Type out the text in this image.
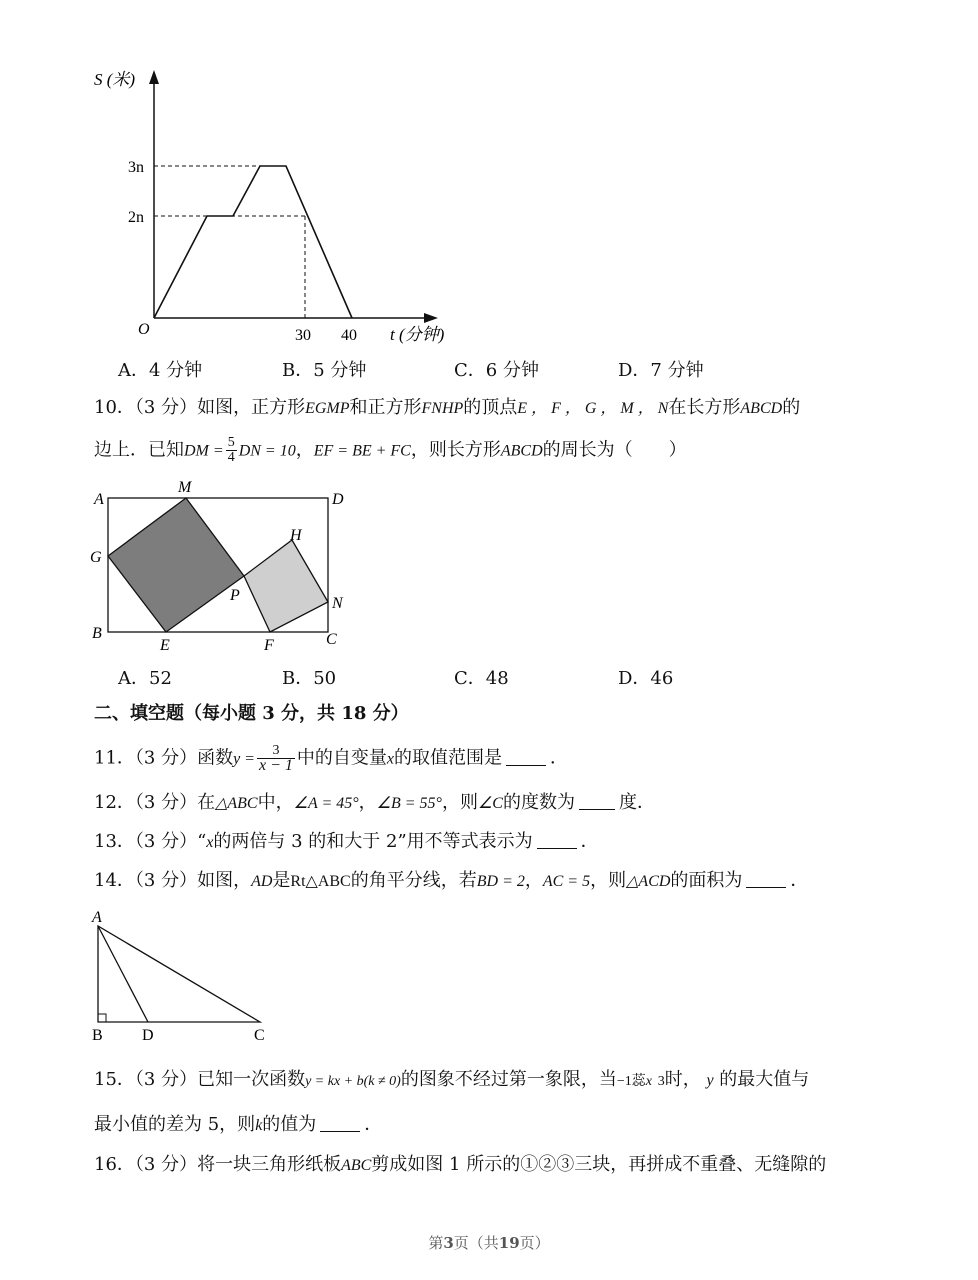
S (米)
3n
2n
O	30 40 t (分钟)
A．4 分钟	B．5 分钟	C．6 分钟	D．7 分钟
10．（3 分）如图，正方形EGMP和正方形FNHP的顶点E ， F ， G ， M ， N在长方形ABCD的
边上．已知DM = $\frac{5}{4}$ DN = 10，EF = BE + FC，则长方形ABCD的周长为（　　）
A
M
D
H
G
P	N
B
E	F	C
A．52	B．50	C．48	D．46
二、填空题（每小题 3 分，共 18 分）
11．（3 分）函数$y = \frac{3}{x - 1}$ 中的自变量x的取值范围是	．
12．（3 分）在△ABC中，∠A = 45°，∠B = 55°，则∠C的度数为 度．
13．（3 分）“x的两倍与 3 的和大于 2”用不等式表示为	．
14．（3 分）如图，AD是Rt△ABC的角平分线，若BD = 2，AC = 5，则△ACD的面积为	．
A
B D	C
15．（3 分）已知一次函数y = kx + b(k ≠ 0)的图象不经过第一象限，当−1蕊x 3时， y 的最大值与
最小值的差为 5，则k的值为	．
16．（3 分）将一块三角形纸板ABC剪成如图 1 所示的①②③三块，再拼成不重叠、无缝隙的
第3页（共19页）
